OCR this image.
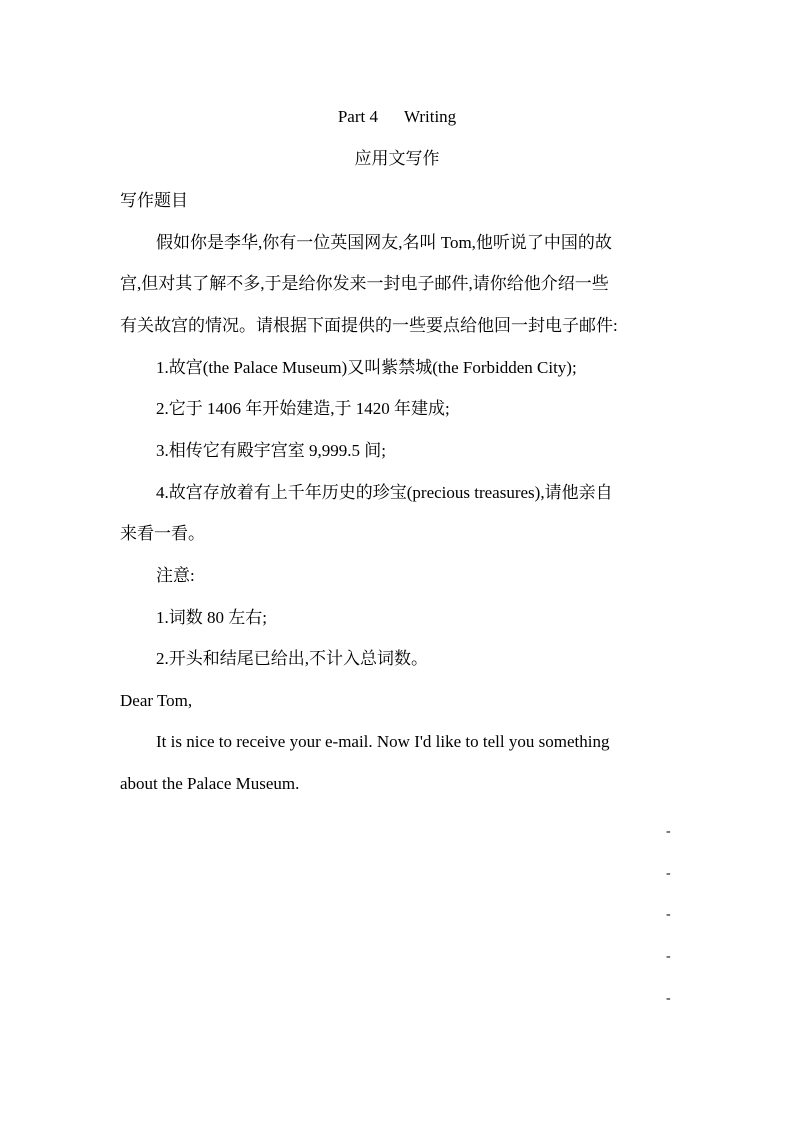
Part 4 Writing
应用文写作
写作题目
假如你是李华,你有一位英国网友,名叫 Tom,他听说了中国的故
宫,但对其了解不多,于是给你发来一封电子邮件,请你给他介绍一些
有关故宫的情况。请根据下面提供的一些要点给他回一封电子邮件:
1.故宫(the Palace Museum)又叫紫禁城(the Forbidden City);
2.它于 1406 年开始建造,于 1420 年建成;
3.相传它有殿宇宫室 9,999.5 间;
4.故宫存放着有上千年历史的珍宝(precious treasures),请他亲自
来看一看。
注意:
1.词数 80 左右;
2.开头和结尾已给出,不计入总词数。
Dear Tom,
It is nice to receive your e-mail. Now I'd like to tell you something
about the Palace Museum.
-
-
-
-
-
